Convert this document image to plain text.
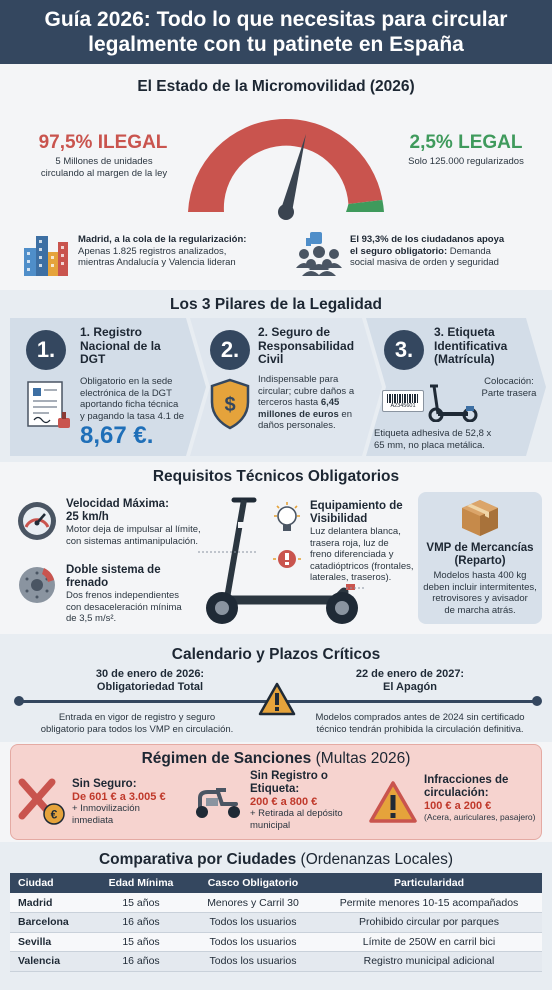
Guía 2026: Todo lo que necesitas para circular
legalmente con tu patinete en España
El Estado de la Micromovilidad (2026)
97,5% ILEGAL
5 Millones de unidades
circulando al margen de la ley
2,5% LEGAL
Solo 125.000 regularizados
Madrid, a la cola de la regularización:
Apenas 1.825 registros analizados,
mientras Andalucía y Valencia lideran
El 93,3% de los ciudadanos apoya
el seguro obligatorio: Demanda
social masiva de orden y seguridad
Los 3 Pilares de la Legalidad
1.
1. Registro
Nacional de la
DGT
Obligatorio en la sede
electrónica de la DGT
aportando ficha técnica
y pagando la tasa 4.1 de
8,67 €.
2.
2. Seguro de
Responsabilidad
Civil
$
Indispensable para
circular; cubre daños a
terceros hasta 6,45
millones de euros en
daños personales.
3.
3. Etiqueta
Identificativa
(Matrícula)
Colocación:
Parte trasera
A2345601
Etiqueta adhesiva de 52,8 x
65 mm, no placa metálica.
Requisitos Técnicos Obligatorios
Velocidad Máxima:
25 km/h
Motor deja de impulsar al límite,
con sistemas antimanipulación.
Doble sistema de
frenado
Dos frenos independientes
con desaceleración mínima
de 3,5 m/s².
Equipamiento de
Visibilidad
Luz delantera blanca,
trasera roja, luz de
freno diferenciada y
catadióptricos (frontales,
laterales, traseros).
VMP de Mercancías
(Reparto)
Modelos hasta 400 kg
deben incluir intermitentes,
retrovisores y avisador
de marcha atrás.
Calendario y Plazos Críticos
30 de enero de 2026:
Obligatoriedad Total
22 de enero de 2027:
El Apagón
Entrada en vigor de registro y seguro
obligatorio para todos los VMP en circulación.
Modelos comprados antes de 2024 sin certificado
técnico tendrán prohibida la circulación definitiva.
Régimen de Sanciones (Multas 2026)
€
Sin Seguro:
De 601 € a 3.005 €
+ Inmovilización
inmediata
Sin Registro o
Etiqueta:
200 € a 800 €
+ Retirada al depósito
municipal
Infracciones de
circulación:
100 € a 200 €
(Acera, auriculares, pasajero)
Comparativa por Ciudades (Ordenanzas Locales)
Ciudad	Edad Mínima	Casco Obligatorio	Particularidad
Madrid	15 años	Menores y Carril 30	Permite menores 10-15 acompañados
Barcelona	16 años	Todos los usuarios	Prohibido circular por parques
Sevilla	15 años	Todos los usuarios	Límite de 250W en carril bici
Valencia	16 años	Todos los usuarios	Registro municipal adicional
